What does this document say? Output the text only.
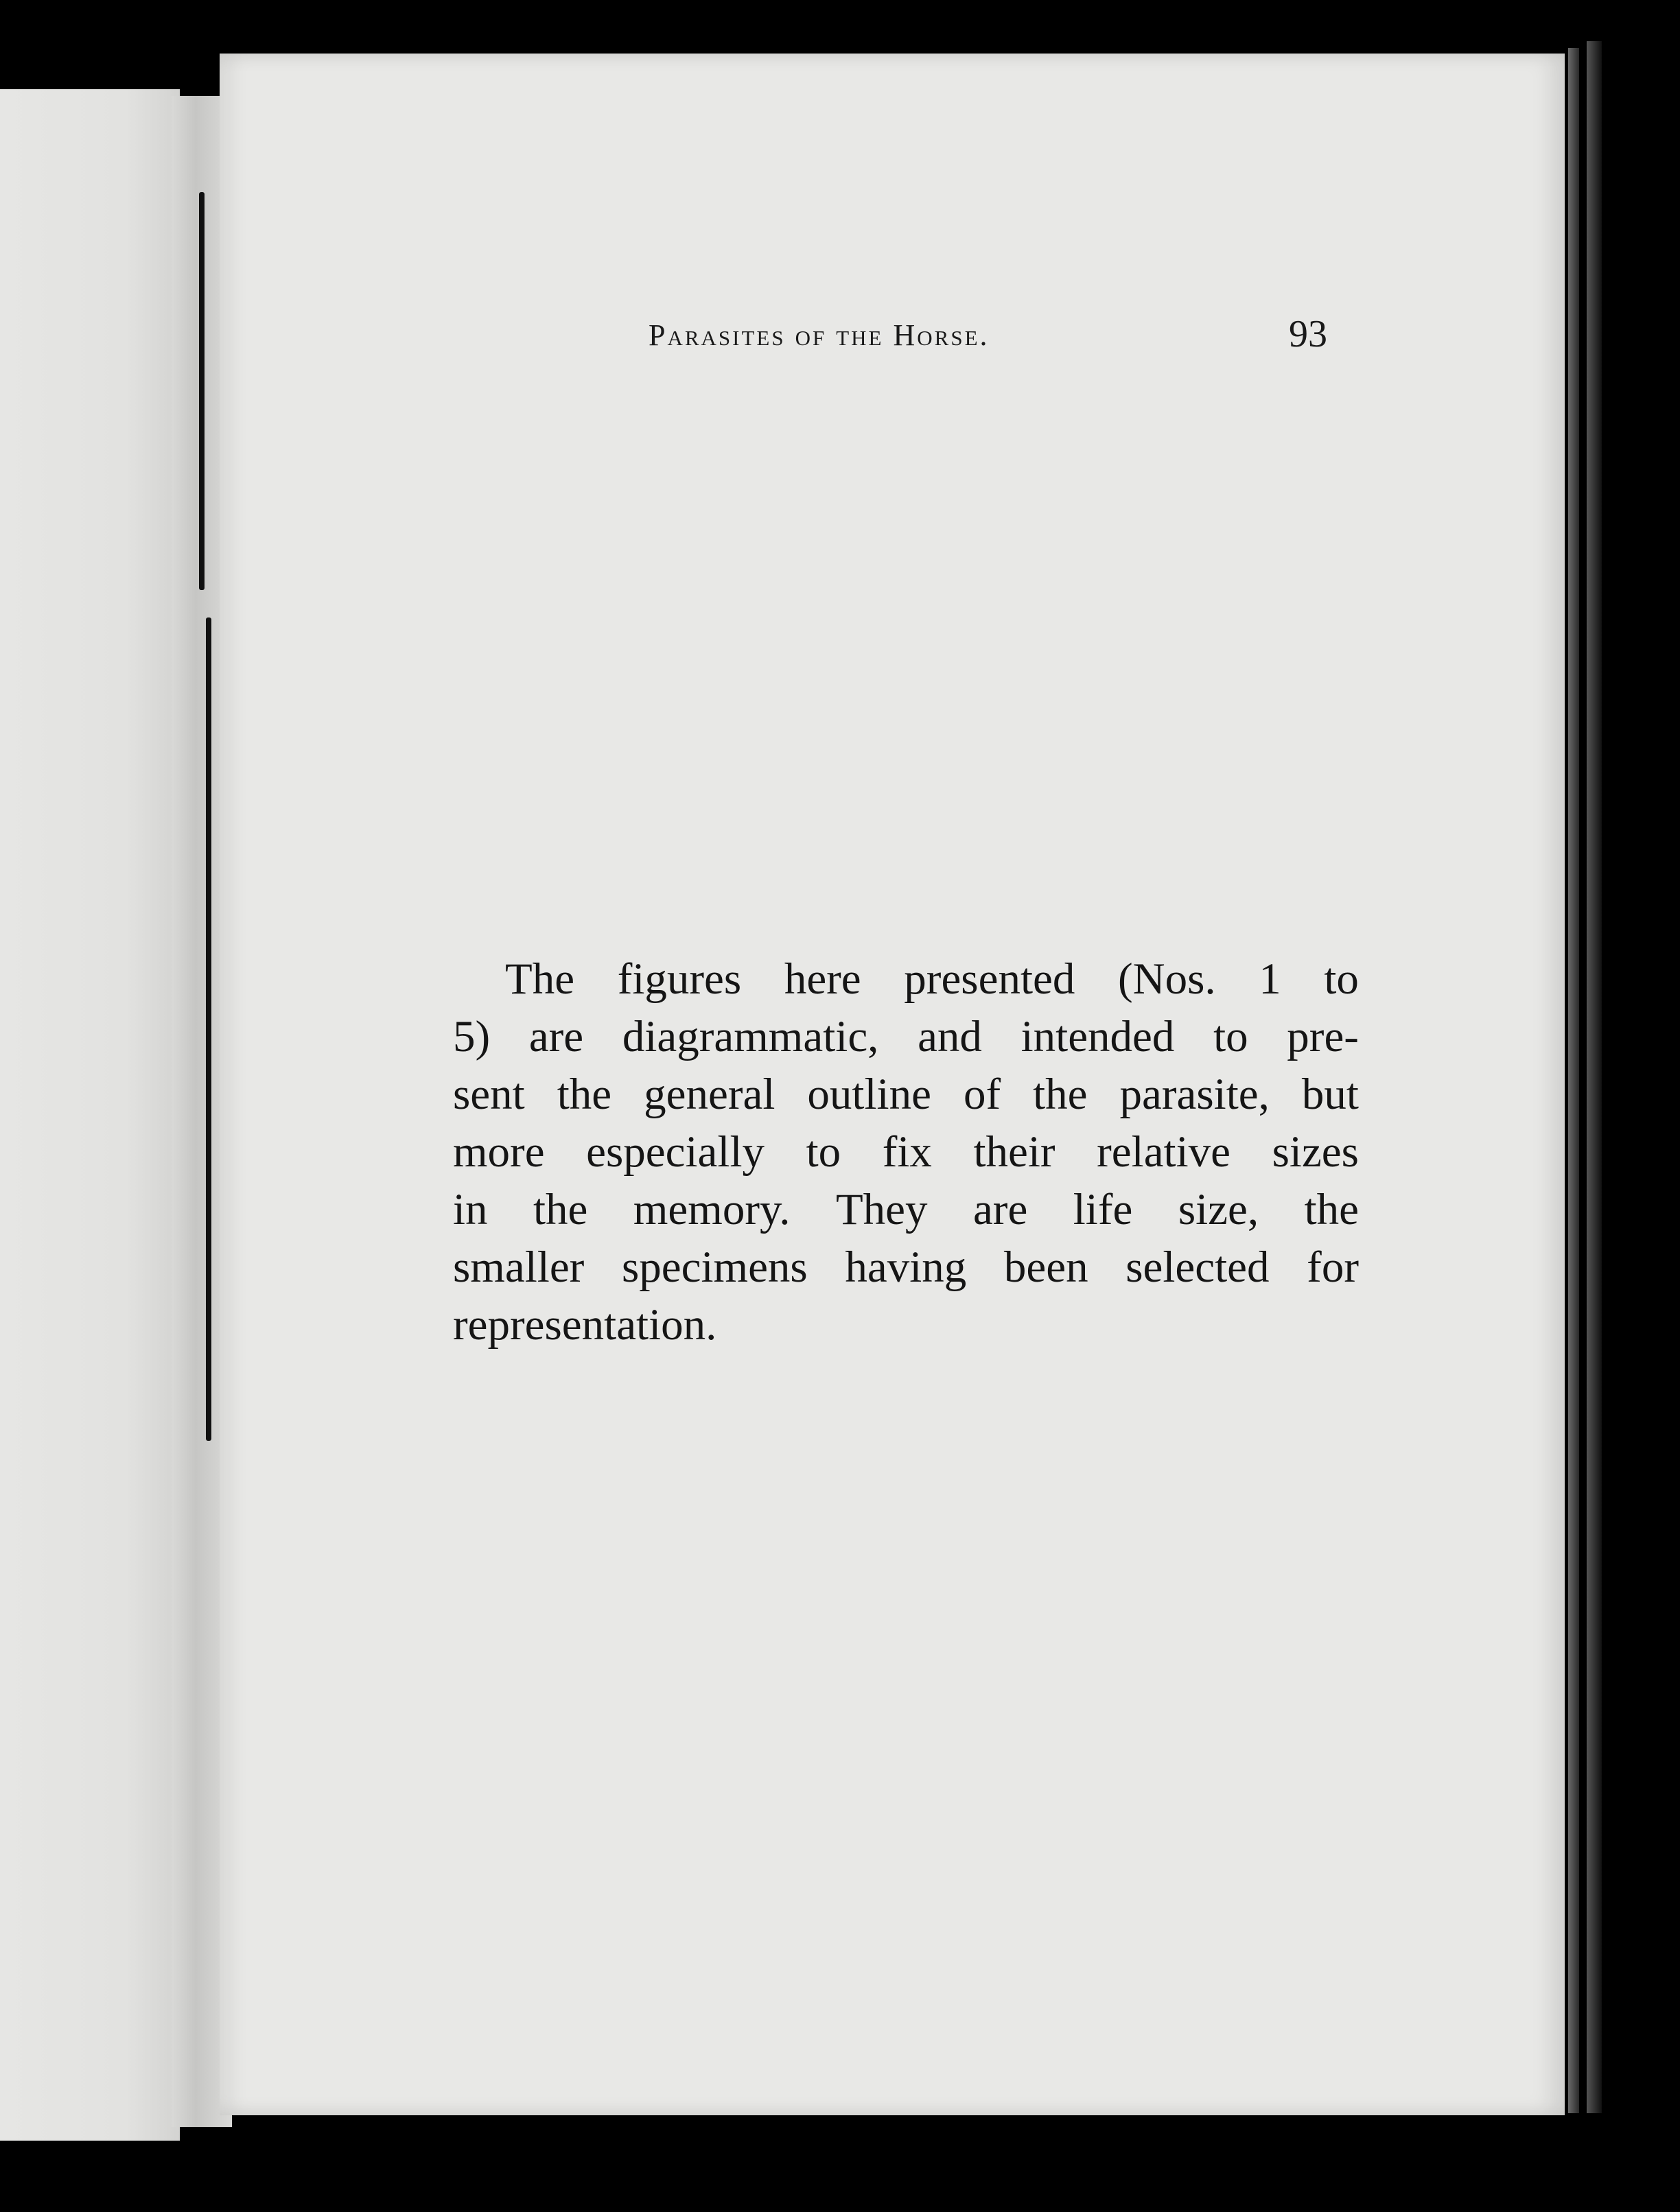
Parasites of the Horse.	93
The figures here presented (Nos. 1 to
5) are diagrammatic, and intended to pre-
sent the general outline of the parasite, but
more especially to fix their relative sizes
in the memory. They are life size, the
smaller specimens having been selected for
representation.
